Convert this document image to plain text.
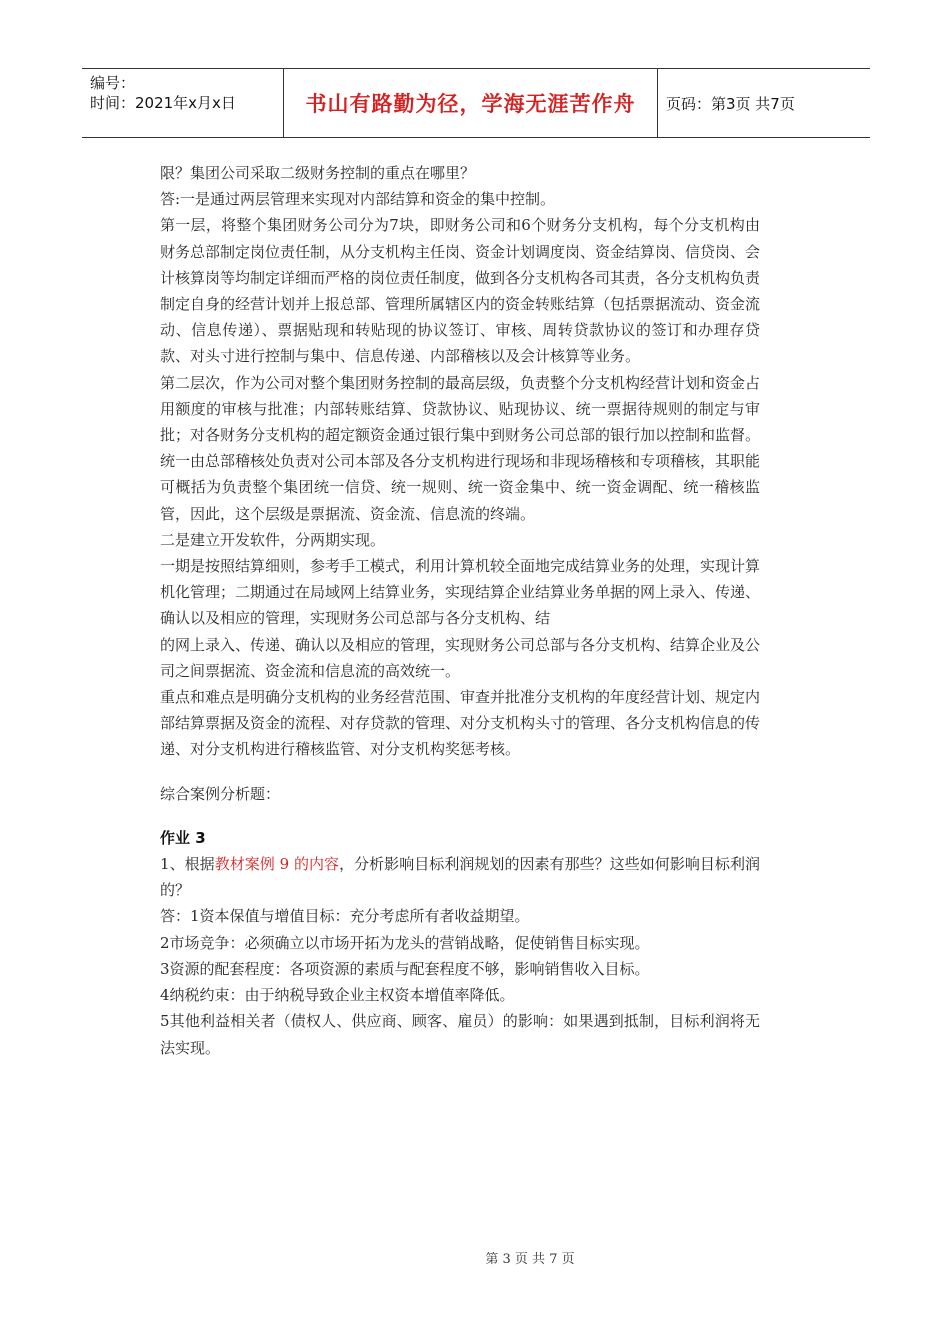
编号：
时间：2021年x月x日	书山有路勤为径，学海无涯苦作舟	页码：第3页 共7页

限？集团公司采取二级财务控制的重点在哪里？

答:一是通过两层管理来实现对内部结算和资金的集中控制。

第一层，将整个集团财务公司分为7块，即财务公司和6个财务分支机构，每个分支机构由财务总部制定岗位责任制，从分支机构主任岗、资金计划调度岗、资金结算岗、信贷岗、会计核算岗等均制定详细而严格的岗位责任制度，做到各分支机构各司其责，各分支机构负责制定自身的经营计划并上报总部、管理所属辖区内的资金转账结算（包括票据流动、资金流动、信息传递）、票据贴现和转贴现的协议签订、审核、周转贷款协议的签订和办理存贷款、对头寸进行控制与集中、信息传递、内部稽核以及会计核算等业务。

第二层次，作为公司对整个集团财务控制的最高层级，负责整个分支机构经营计划和资金占用额度的审核与批准；内部转账结算、贷款协议、贴现协议、统一票据待规则的制定与审批；对各财务分支机构的超定额资金通过银行集中到财务公司总部的银行加以控制和监督。统一由总部稽核处负责对公司本部及各分支机构进行现场和非现场稽核和专项稽核，其职能可概括为负责整个集团统一信贷、统一规则、统一资金集中、统一资金调配、统一稽核监管，因此，这个层级是票据流、资金流、信息流的终端。

二是建立开发软件，分两期实现。

一期是按照结算细则，参考手工模式，利用计算机较全面地完成结算业务的处理，实现计算机化管理；二期通过在局域网上结算业务，实现结算企业结算业务单据的网上录入、传递、确认以及相应的管理，实现财务公司总部与各分支机构、结

的网上录入、传递、确认以及相应的管理，实现财务公司总部与各分支机构、结算企业及公司之间票据流、资金流和信息流的高效统一。

重点和难点是明确分支机构的业务经营范围、审查并批准分支机构的年度经营计划、规定内部结算票据及资金的流程、对存贷款的管理、对分支机构头寸的管理、各分支机构信息的传递、对分支机构进行稽核监管、对分支机构奖惩考核。

综合案例分析题：

作业 3

1、根据教材案例 9 的内容，分析影响目标利润规划的因素有那些？这些如何影响目标利润的？

答：1资本保值与增值目标：充分考虑所有者收益期望。

2市场竞争：必须确立以市场开拓为龙头的营销战略，促使销售目标实现。

3资源的配套程度：各项资源的素质与配套程度不够，影响销售收入目标。

4纳税约束：由于纳税导致企业主权资本增值率降低。

5其他利益相关者（债权人、供应商、顾客、雇员）的影响：如果遇到抵制，目标利润将无法实现。

第 3 页 共 7 页
